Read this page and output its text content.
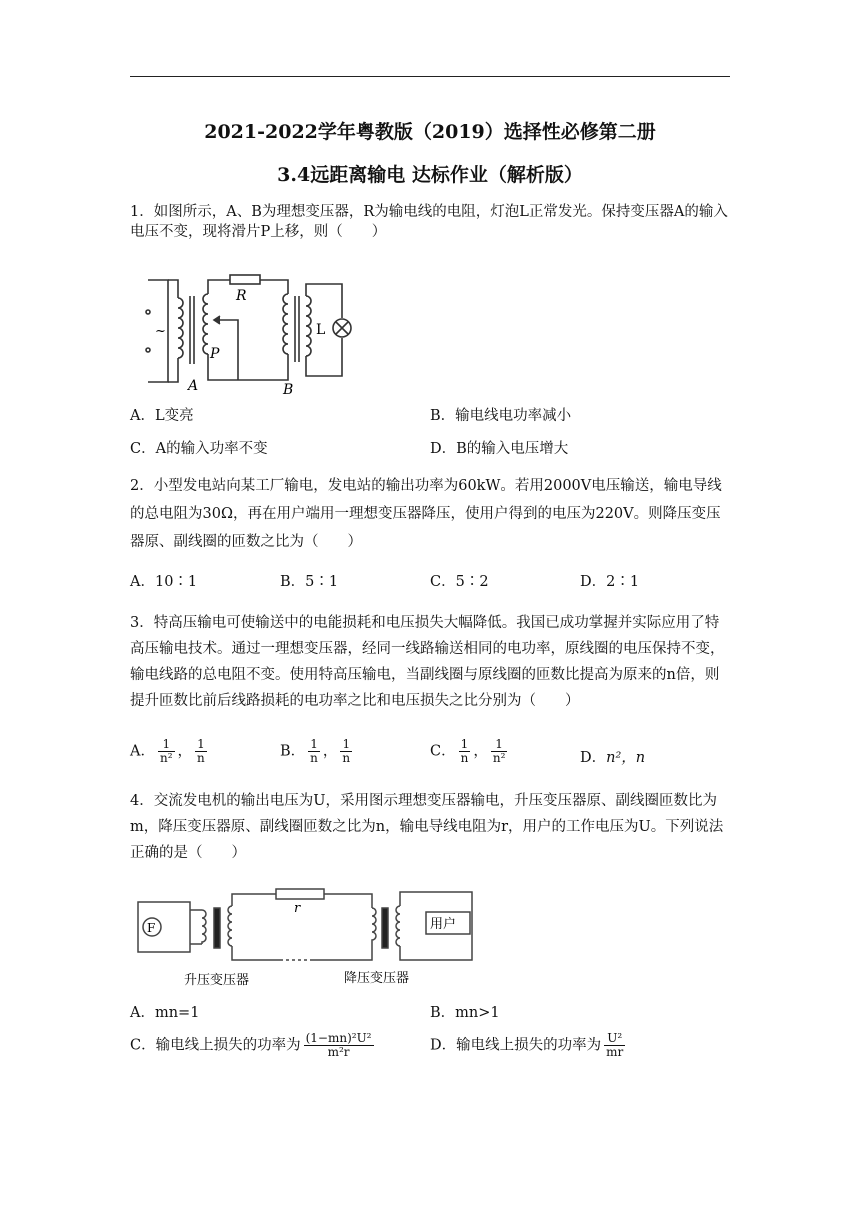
2021-2022学年粤教版（2019）选择性必修第二册
3.4远距离输电 达标作业（解析版）
1．如图所示，A、B为理想变压器，R为输电线的电阻，灯泡L正常发光。保持变压器A的输入电压不变，现将滑片P上移，则（　　）
~
R
P
L
A	B
A．L变亮	B．输电线电功率减小
C．A的输入功率不变	D．B的输入电压增大
2．小型发电站向某工厂输电，发电站的输出功率为60kW。若用2000V电压输送，输电导线的总电阻为30Ω，再在用户端用一理想变压器降压，使用户得到的电压为220V。则降压变压器原、副线圈的匝数之比为（　　）
A．10∶1	B．5∶1	C．5∶2	D．2∶1
3．特高压输电可使输送中的电能损耗和电压损失大幅降低。我国已成功掌握并实际应用了特高压输电技术。通过一理想变压器，经同一线路输送相同的电功率，原线圈的电压保持不变，输电线路的总电阻不变。使用特高压输电，当副线圈与原线圈的匝数比提高为原来的n倍，则提升匝数比前后线路损耗的电功率之比和电压损失之比分别为（　　）
A． $\frac{1}{\text{n²}}$ ， $\frac{1}{n}$	B． $\frac{1}{n}$ ， $\frac{1}{n}$	C． $\frac{1}{n}$ ， $\frac{1}{\text{n²}}$	D．n²，n
4．交流发电机的输出电压为U，采用图示理想变压器输电，升压变压器原、副线圈匝数比为m，降压变压器原、副线圈匝数之比为n，输电导线电阻为r，用户的工作电压为U。下列说法正确的是（　　）
F
r
用户
升压变压器	降压变压器
A．mn=1	B．mn>1
C．输电线上损失的功率为 $\frac{\text{(1−mn)²U²}}{\text{m²r}}$	D．输电线上损失的功率为 $\frac{\text{U²}}{mr}$
